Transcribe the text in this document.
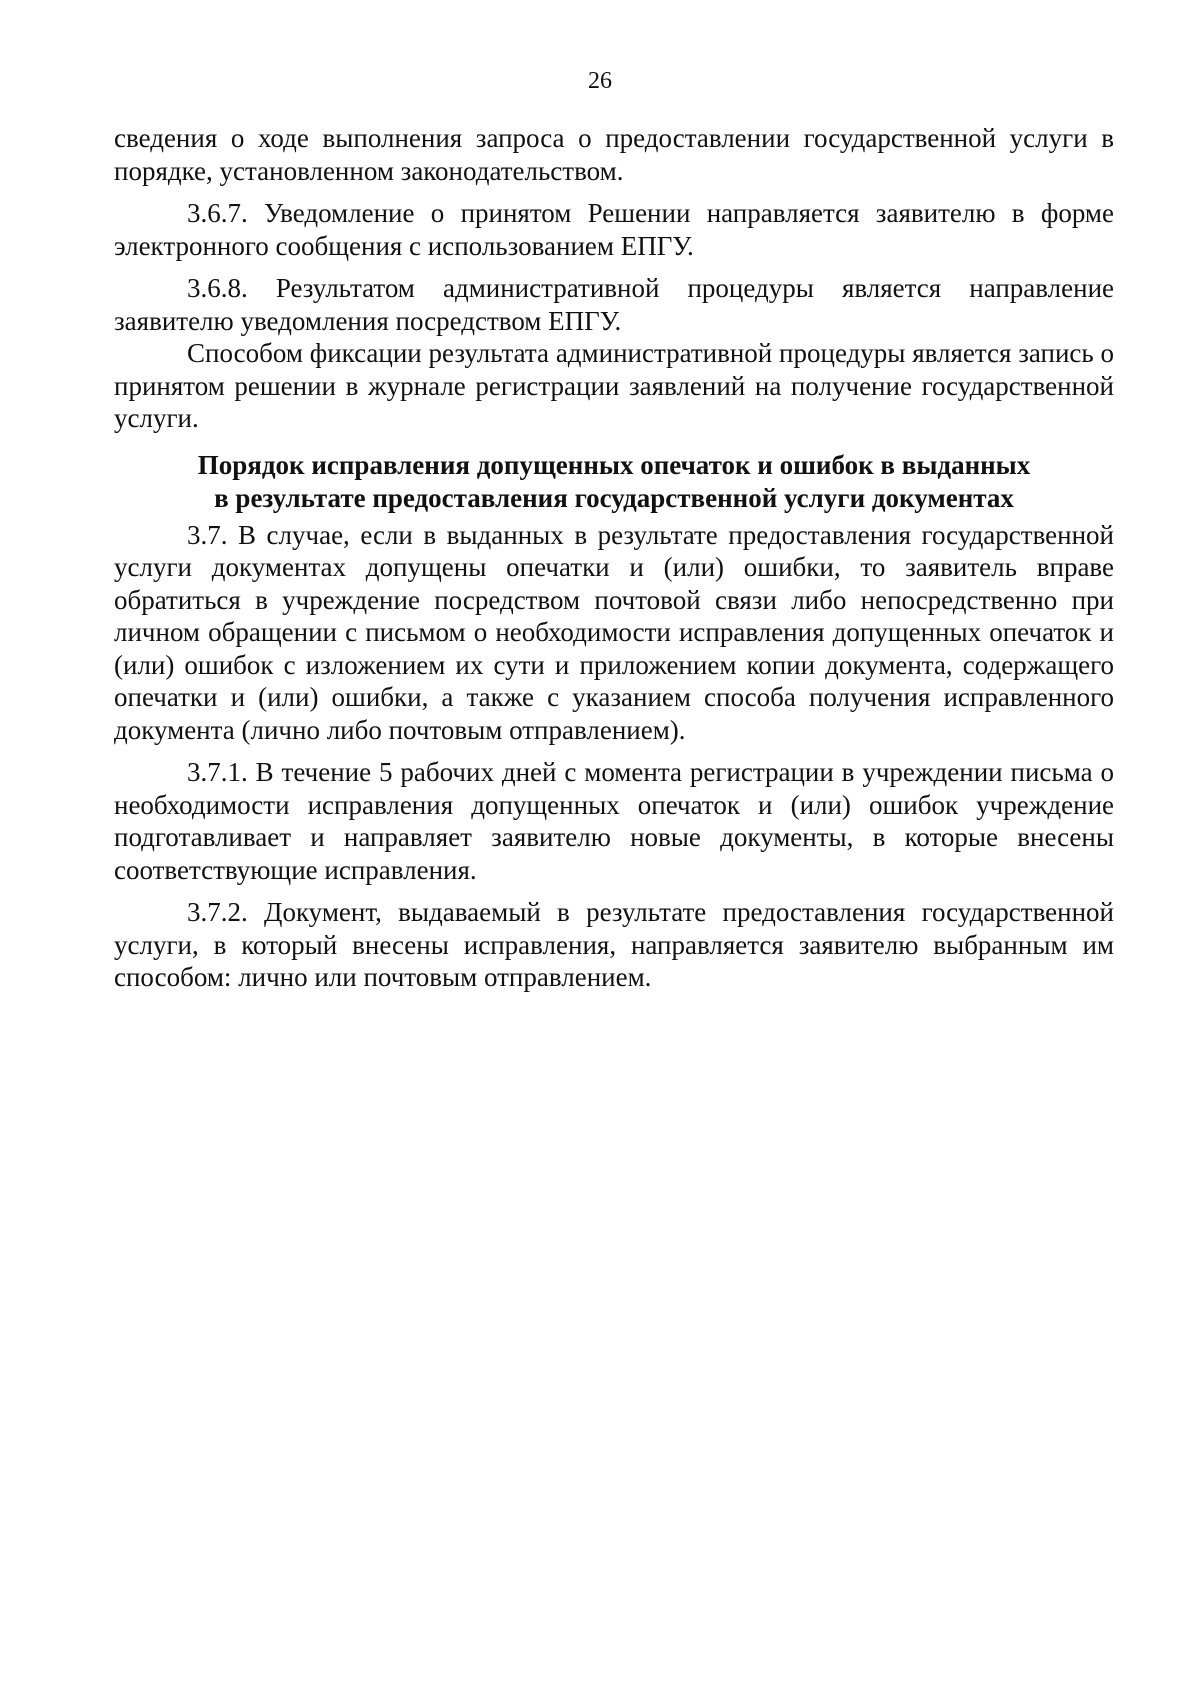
26

сведения о ходе выполнения запроса о предоставлении государственной услуги в порядке, установленном законодательством.

3.6.7. Уведомление о принятом Решении направляется заявителю в форме электронного сообщения с использованием ЕПГУ.

3.6.8. Результатом административной процедуры является направление заявителю уведомления посредством ЕПГУ.

Способом фиксации результата административной процедуры является запись о принятом решении в журнале регистрации заявлений на получение государственной услуги.

Порядок исправления допущенных опечаток и ошибок в выданных
в результате предоставления государственной услуги документах

3.7. В случае, если в выданных в результате предоставления государственной услуги документах допущены опечатки и (или) ошибки, то заявитель вправе обратиться в учреждение посредством почтовой связи либо непосредственно при личном обращении с письмом о необходимости исправления допущенных опечаток и (или) ошибок с изложением их сути и приложением копии документа, содержащего опечатки и (или) ошибки, а также с указанием способа получения исправленного документа (лично либо почтовым отправлением).

3.7.1. В течение 5 рабочих дней с момента регистрации в учреждении письма о необходимости исправления допущенных опечаток и (или) ошибок учреждение подготавливает и направляет заявителю новые документы, в которые внесены соответствующие исправления.

3.7.2. Документ, выдаваемый в результате предоставления государственной услуги, в который внесены исправления, направляется заявителю выбранным им способом: лично или почтовым отправлением.
